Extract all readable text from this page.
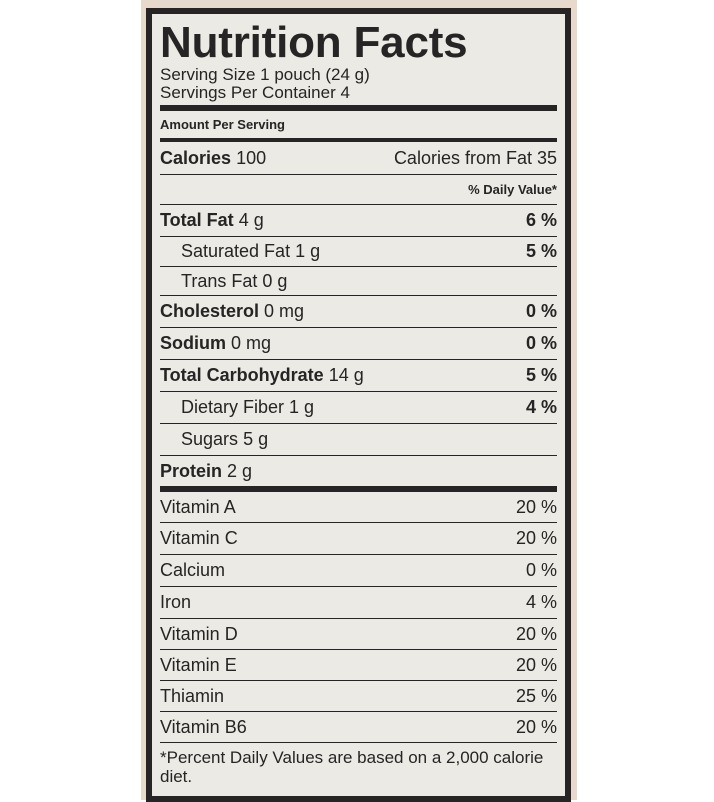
Nutrition Facts
Serving Size 1 pouch (24 g)
Servings Per Container 4
Amount Per Serving
Calories 100	Calories from Fat 35
% Daily Value*
Total Fat 4 g	6 %
Saturated Fat 1 g	5 %
Trans Fat 0 g
Cholesterol 0 mg	0 %
Sodium 0 mg	0 %
Total Carbohydrate 14 g	5 %
Dietary Fiber 1 g	4 %
Sugars 5 g
Protein 2 g
Vitamin A	20 %
Vitamin C	20 %
Calcium	0 %
Iron	4 %
Vitamin D	20 %
Vitamin E	20 %
Thiamin	25 %
Vitamin B6	20 %
*Percent Daily Values are based on a 2,000 calorie diet.
